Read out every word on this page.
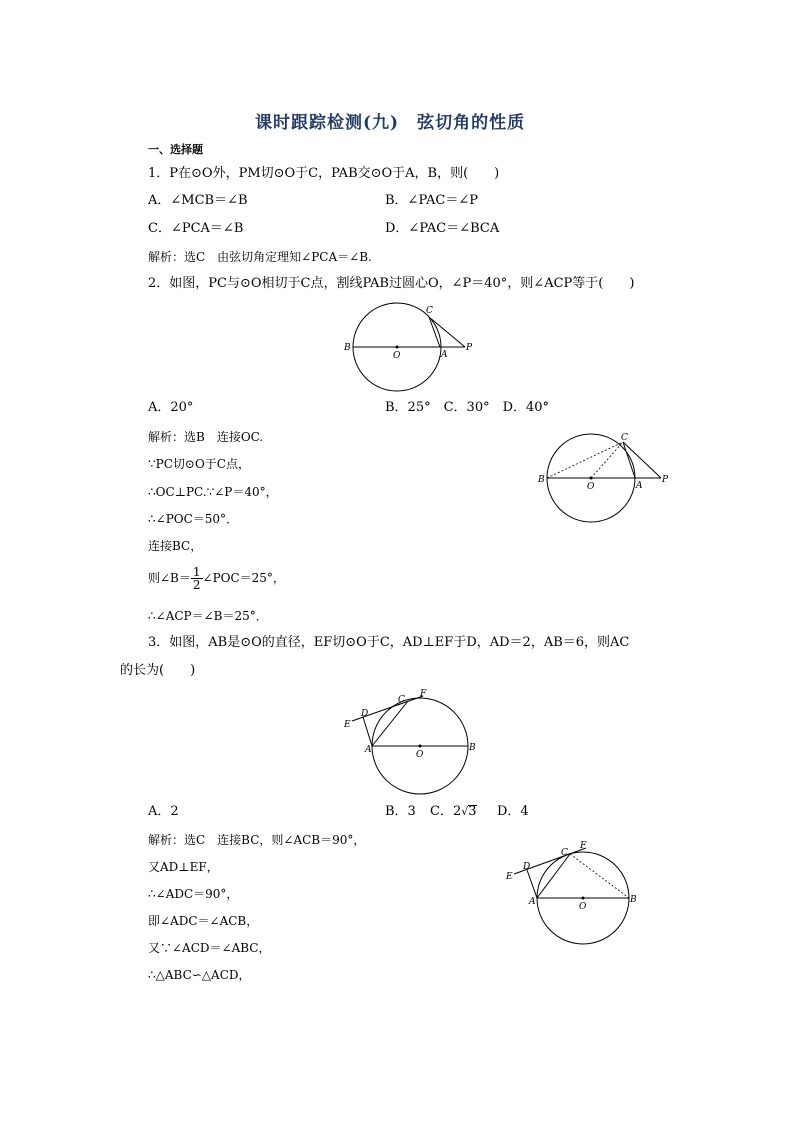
课时跟踪检测(九)　弦切角的性质
一、选择题
1．P在⊙O外，PM切⊙O于C，PAB交⊙O于A，B，则(　　)
A．∠MCB＝∠B	B．∠PAC＝∠P
C．∠PCA＝∠B	D．∠PAC＝∠BCA
解析：选C　由弦切角定理知∠PCA＝∠B.
2．如图，PC与⊙O相切于C点，割线PAB过圆心O，∠P＝40°，则∠ACP等于(　　)
B
O	A
P
C
A．20°	B．25°　C．30°　D．40°
解析：选B　连接OC.
∵PC切⊙O于C点，
∴OC⊥PC.∵∠P＝40°，
∴∠POC＝50°．
连接BC，
则∠B＝ $\frac{1}{2}$ ∠POC＝25°，
∴∠ACP＝∠B＝25°．
B
O	A
P
C
3．如图，AB是⊙O的直径，EF切⊙O于C，AD⊥EF于D，AD＝2，AB＝6，则AC
的长为(　　)
E
D
C
F
A	O
B
A．2	B．3 C．2√3 D．4
解析：选C　连接BC，则∠ACB＝90°，
又AD⊥EF，
∴∠ADC＝90°，
即∠ADC＝∠ACB，
又∵∠ACD＝∠ABC，
∴△ABC∽△ACD，
E
D
C
F
A	O
B
